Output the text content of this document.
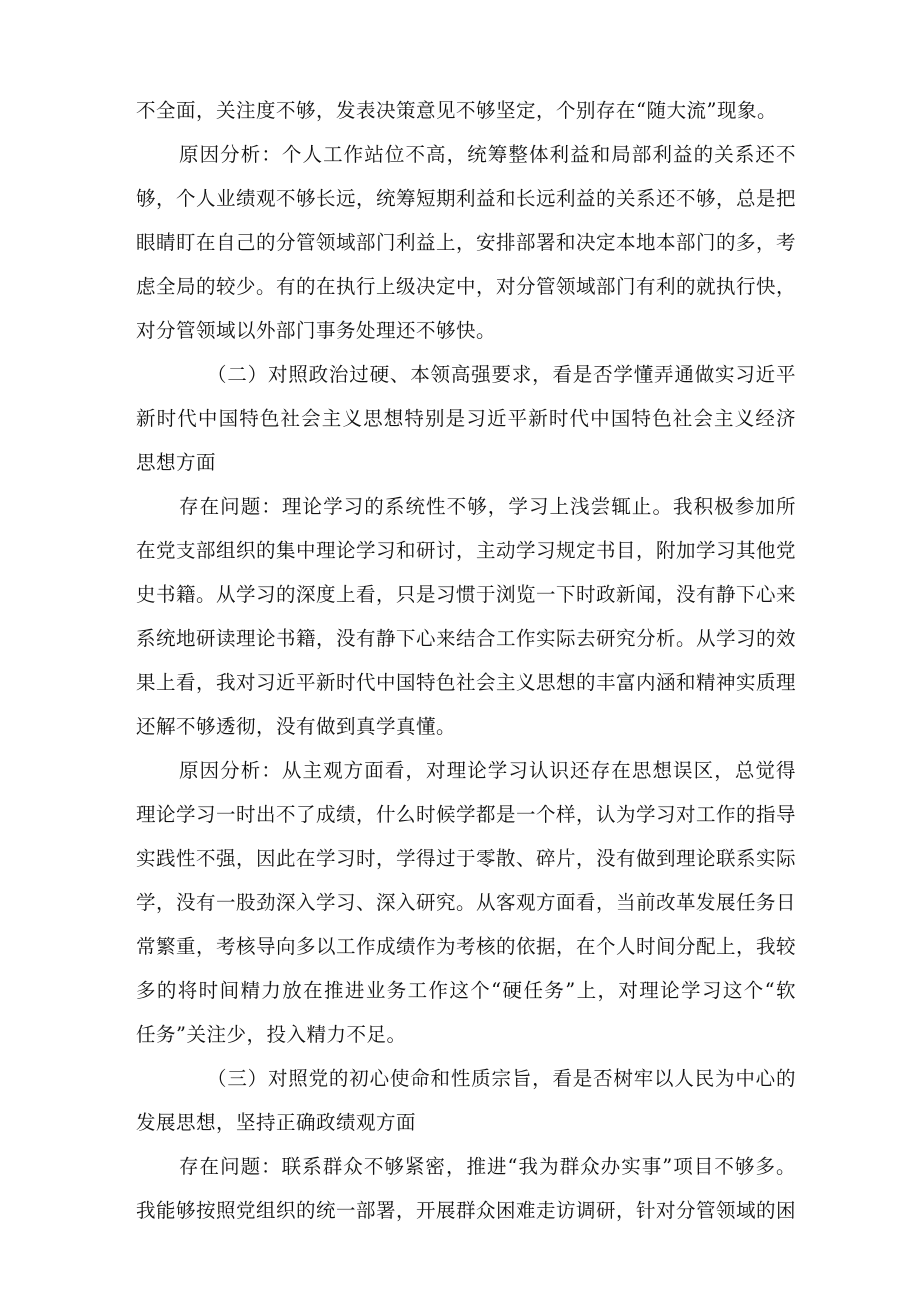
不全面，关注度不够，发表决策意见不够坚定，个别存在“随大流”现象。
原因分析：个人工作站位不高，统筹整体利益和局部利益的关系还不
够，个人业绩观不够长远，统筹短期利益和长远利益的关系还不够，总是把
眼睛盯在自己的分管领域部门利益上，安排部署和决定本地本部门的多，考
虑全局的较少。有的在执行上级决定中，对分管领域部门有利的就执行快，
对分管领域以外部门事务处理还不够快。
（二）对照政治过硬、本领高强要求，看是否学懂弄通做实习近平
新时代中国特色社会主义思想特别是习近平新时代中国特色社会主义经济
思想方面
存在问题：理论学习的系统性不够，学习上浅尝辄止。我积极参加所
在党支部组织的集中理论学习和研讨，主动学习规定书目，附加学习其他党
史书籍。从学习的深度上看，只是习惯于浏览一下时政新闻，没有静下心来
系统地研读理论书籍，没有静下心来结合工作实际去研究分析。从学习的效
果上看，我对习近平新时代中国特色社会主义思想的丰富内涵和精神实质理
还解不够透彻，没有做到真学真懂。
原因分析：从主观方面看，对理论学习认识还存在思想误区，总觉得
理论学习一时出不了成绩，什么时候学都是一个样，认为学习对工作的指导
实践性不强，因此在学习时，学得过于零散、碎片，没有做到理论联系实际
学，没有一股劲深入学习、深入研究。从客观方面看，当前改革发展任务日
常繁重，考核导向多以工作成绩作为考核的依据，在个人时间分配上，我较
多的将时间精力放在推进业务工作这个“硬任务”上，对理论学习这个“软
任务”关注少，投入精力不足。
（三）对照党的初心使命和性质宗旨，看是否树牢以人民为中心的
发展思想，坚持正确政绩观方面
存在问题：联系群众不够紧密，推进“我为群众办实事”项目不够多。
我能够按照党组织的统一部署，开展群众困难走访调研，针对分管领域的困
